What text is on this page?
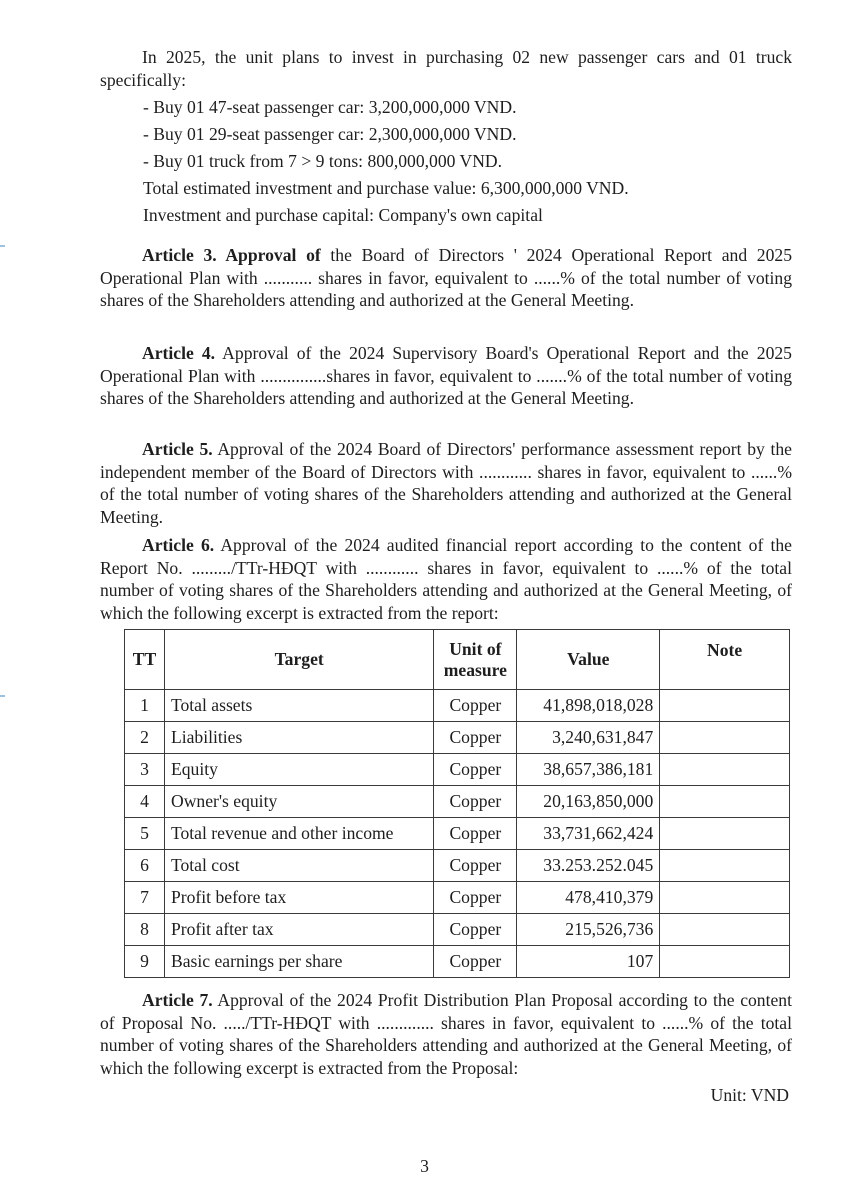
In 2025, the unit plans to invest in purchasing 02 new passenger cars and 01 truck specifically:

- Buy 01 47-seat passenger car: 3,200,000,000 VND.
- Buy 01 29-seat passenger car: 2,300,000,000 VND.
- Buy 01 truck from 7 > 9 tons: 800,000,000 VND.
Total estimated investment and purchase value: 6,300,000,000 VND.
Investment and purchase capital: Company's own capital

Article 3. Approval of the Board of Directors ' 2024 Operational Report and 2025 Operational Plan with ........... shares in favor, equivalent to ......% of the total number of voting shares of the Shareholders attending and authorized at the General Meeting.

Article 4. Approval of the 2024 Supervisory Board's Operational Report and the 2025 Operational Plan with ...............shares in favor, equivalent to .......% of the total number of voting shares of the Shareholders attending and authorized at the General Meeting.

Article 5. Approval of the 2024 Board of Directors' performance assessment report by the independent member of the Board of Directors with ............ shares in favor, equivalent to ......% of the total number of voting shares of the Shareholders attending and authorized at the General Meeting.

Article 6. Approval of the 2024 audited financial report according to the content of the Report No. ........./TTr-HĐQT with ............ shares in favor, equivalent to ......% of the total number of voting shares of the Shareholders attending and authorized at the General Meeting, of which the following excerpt is extracted from the report:

TT	Target	Unit of
measure	Value	Note
1	Total assets	Copper	41,898,018,028	
2	Liabilities	Copper	3,240,631,847	
3	Equity	Copper	38,657,386,181	
4	Owner's equity	Copper	20,163,850,000	
5	Total revenue and other income	Copper	33,731,662,424	
6	Total cost	Copper	33.253.252.045	
7	Profit before tax	Copper	478,410,379	
8	Profit after tax	Copper	215,526,736	
9	Basic earnings per share	Copper	107	

Article 7. Approval of the 2024 Profit Distribution Plan Proposal according to the content of Proposal No. ...../TTr-HĐQT with ............. shares in favor, equivalent to ......% of the total number of voting shares of the Shareholders attending and authorized at the General Meeting, of which the following excerpt is extracted from the Proposal:

Unit: VND
3
